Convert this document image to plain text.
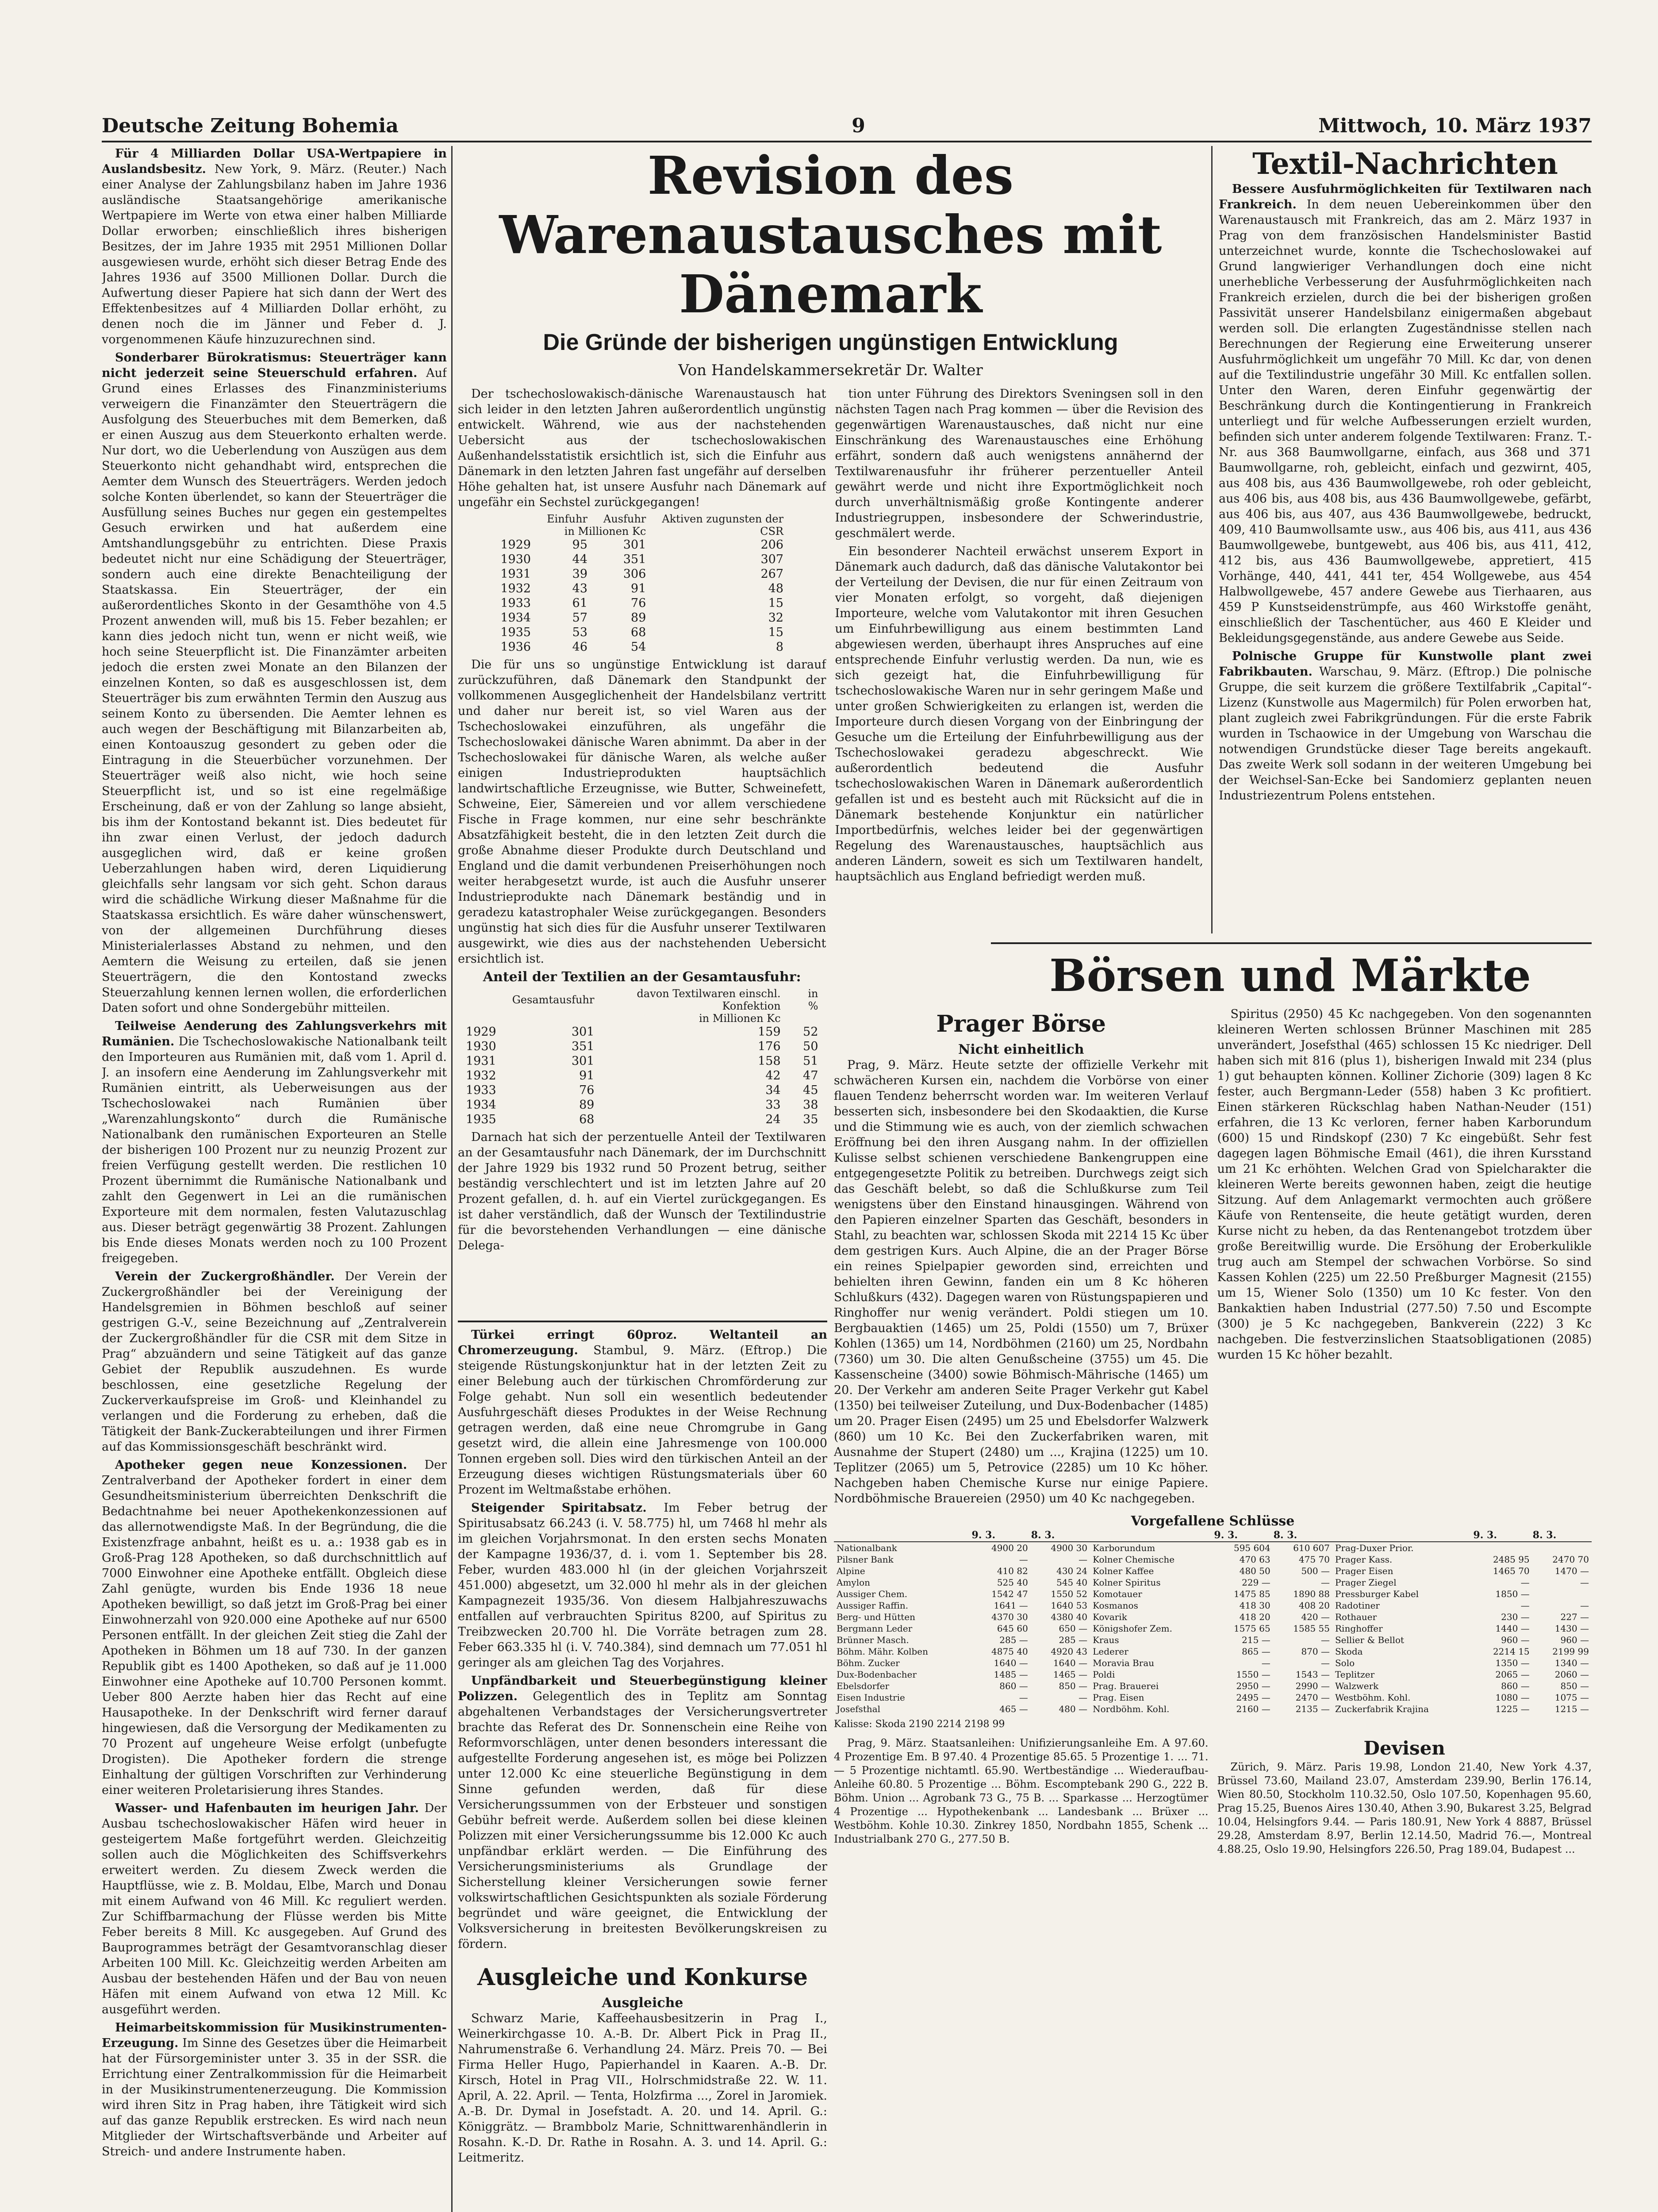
Deutsche Zeitung Bohemia	9	Mittwoch, 10. März 1937

Für 4 Milliarden Dollar USA-Wertpapiere in Auslandsbesitz. New York, 9. März. (Reuter.) Nach einer Analyse der Zahlungsbilanz haben im Jahre 1936 ausländische Staatsangehörige amerikanische Wertpapiere im Werte von etwa einer halben Milliarde Dollar erworben; einschließlich ihres bisherigen Besitzes, der im Jahre 1935 mit 2951 Millionen Dollar ausgewiesen wurde, erhöht sich dieser Betrag Ende des Jahres 1936 auf 3500 Millionen Dollar. Durch die Aufwertung dieser Papiere hat sich dann der Wert des Effektenbesitzes auf 4 Milliarden Dollar erhöht, zu denen noch die im Jänner und Feber d. J. vorgenommenen Käufe hinzuzurechnen sind.

Sonderbarer Bürokratismus: Steuerträger kann nicht jederzeit seine Steuerschuld erfahren. Auf Grund eines Erlasses des Finanzministeriums verweigern die Finanzämter den Steuerträgern die Ausfolgung des Steuerbuches mit dem Bemerken, daß er einen Auszug aus dem Steuerkonto erhalten werde. Nur dort, wo die Ueberlendung von Auszügen aus dem Steuerkonto nicht gehandhabt wird, entsprechen die Aemter dem Wunsch des Steuerträgers. Werden jedoch solche Konten überlendet, so kann der Steuerträger die Ausfüllung seines Buches nur gegen ein gestempeltes Gesuch erwirken und hat außerdem eine Amtshandlungsgebühr zu entrichten. Diese Praxis bedeutet nicht nur eine Schädigung der Steuerträger, sondern auch eine direkte Benachteiligung der Staatskassa. Ein Steuerträger, der ein außerordentliches Skonto in der Gesamthöhe von 4.5 Prozent anwenden will, muß bis 15. Feber bezahlen; er kann dies jedoch nicht tun, wenn er nicht weiß, wie hoch seine Steuerpflicht ist. Die Finanzämter arbeiten jedoch die ersten zwei Monate an den Bilanzen der einzelnen Konten, so daß es ausgeschlossen ist, dem Steuerträger bis zum erwähnten Termin den Auszug aus seinem Konto zu übersenden. Die Aemter lehnen es auch wegen der Beschäftigung mit Bilanzarbeiten ab, einen Kontoauszug gesondert zu geben oder die Eintragung in die Steuerbücher vorzunehmen. Der Steuerträger weiß also nicht, wie hoch seine Steuerpflicht ist, und so ist eine regelmäßige Erscheinung, daß er von der Zahlung so lange absieht, bis ihm der Kontostand bekannt ist. Dies bedeutet für ihn zwar einen Verlust, der jedoch dadurch ausgeglichen wird, daß er keine großen Ueberzahlungen haben wird, deren Liquidierung gleichfalls sehr langsam vor sich geht. Schon daraus wird die schädliche Wirkung dieser Maßnahme für die Staatskassa ersichtlich. Es wäre daher wünschenswert, von der allgemeinen Durchführung dieses Ministerialerlasses Abstand zu nehmen, und den Aemtern die Weisung zu erteilen, daß sie jenen Steuerträgern, die den Kontostand zwecks Steuerzahlung kennen lernen wollen, die erforderlichen Daten sofort und ohne Sondergebühr mitteilen.

Teilweise Aenderung des Zahlungsverkehrs mit Rumänien. Die Tschechoslowakische Nationalbank teilt den Importeuren aus Rumänien mit, daß vom 1. April d. J. an insofern eine Aenderung im Zahlungsverkehr mit Rumänien eintritt, als Ueberweisungen aus der Tschechoslowakei nach Rumänien über „Warenzahlungskonto“ durch die Rumänische Nationalbank den rumänischen Exporteuren an Stelle der bisherigen 100 Prozent nur zu neunzig Prozent zur freien Verfügung gestellt werden. Die restlichen 10 Prozent übernimmt die Rumänische Nationalbank und zahlt den Gegenwert in Lei an die rumänischen Exporteure mit dem normalen, festen Valutazuschlag aus. Dieser beträgt gegenwärtig 38 Prozent. Zahlungen bis Ende dieses Monats werden noch zu 100 Prozent freigegeben.

Verein der Zuckergroßhändler. Der Verein der Zuckergroßhändler bei der Vereinigung der Handelsgremien in Böhmen beschloß auf seiner gestrigen G.-V., seine Bezeichnung auf „Zentralverein der Zuckergroßhändler für die CSR mit dem Sitze in Prag“ abzuändern und seine Tätigkeit auf das ganze Gebiet der Republik auszudehnen. Es wurde beschlossen, eine gesetzliche Regelung der Zuckerverkaufspreise im Groß- und Kleinhandel zu verlangen und die Forderung zu erheben, daß die Tätigkeit der Bank-Zuckerabteilungen und ihrer Firmen auf das Kommissionsgeschäft beschränkt wird.

Apotheker gegen neue Konzessionen. Der Zentralverband der Apotheker fordert in einer dem Gesundheitsministerium überreichten Denkschrift die Bedachtnahme bei neuer Apothekenkonzessionen auf das allernotwendigste Maß. In der Begründung, die die Existenzfrage anbahnt, heißt es u. a.: 1938 gab es in Groß-Prag 128 Apotheken, so daß durchschnittlich auf 7000 Einwohner eine Apotheke entfällt. Obgleich diese Zahl genügte, wurden bis Ende 1936 18 neue Apotheken bewilligt, so daß jetzt im Groß-Prag bei einer Einwohnerzahl von 920.000 eine Apotheke auf nur 6500 Personen entfällt. In der gleichen Zeit stieg die Zahl der Apotheken in Böhmen um 18 auf 730. In der ganzen Republik gibt es 1400 Apotheken, so daß auf je 11.000 Einwohner eine Apotheke auf 10.700 Personen kommt. Ueber 800 Aerzte haben hier das Recht auf eine Hausapotheke. In der Denkschrift wird ferner darauf hingewiesen, daß die Versorgung der Medikamenten zu 70 Prozent auf ungeheure Weise erfolgt (unbefugte Drogisten). Die Apotheker fordern die strenge Einhaltung der gültigen Vorschriften zur Verhinderung einer weiteren Proletarisierung ihres Standes.

Wasser- und Hafenbauten im heurigen Jahr. Der Ausbau tschechoslowakischer Häfen wird heuer in gesteigertem Maße fortgeführt werden. Gleichzeitig sollen auch die Möglichkeiten des Schiffsverkehrs erweitert werden. Zu diesem Zweck werden die Hauptflüsse, wie z. B. Moldau, Elbe, March und Donau mit einem Aufwand von 46 Mill. Kc reguliert werden. Zur Schiffbarmachung der Flüsse werden bis Mitte Feber bereits 8 Mill. Kc ausgegeben. Auf Grund des Bauprogrammes beträgt der Gesamtvoranschlag dieser Arbeiten 100 Mill. Kc. Gleichzeitig werden Arbeiten am Ausbau der bestehenden Häfen und der Bau von neuen Häfen mit einem Aufwand von etwa 12 Mill. Kc ausgeführt werden.

Heimarbeitskommission für Musikinstrumenten-Erzeugung. Im Sinne des Gesetzes über die Heimarbeit hat der Fürsorgeminister unter 3. 35 in der SSR. die Errichtung einer Zentralkommission für die Heimarbeit in der Musikinstrumentenerzeugung. Die Kommission wird ihren Sitz in Prag haben, ihre Tätigkeit wird sich auf das ganze Republik erstrecken. Es wird nach neun Mitglieder der Wirtschaftsverbände und Arbeiter auf Streich- und andere Instrumente haben.

Revision des Warenaustausches mit Dänemark
Die Gründe der bisherigen ungünstigen Entwicklung
Von Handelskammersekretär Dr. Walter

Der tschechoslowakisch-dänische Warenaustausch hat sich leider in den letzten Jahren außerordentlich ungünstig entwickelt. Während, wie aus der nachstehenden Uebersicht aus der tschechoslowakischen Außenhandelsstatistik ersichtlich ist, sich die Einfuhr aus Dänemark in den letzten Jahren fast ungefähr auf derselben Höhe gehalten hat, ist unsere Ausfuhr nach Dänemark auf ungefähr ein Sechstel zurückgegangen!

	Einfuhr	Ausfuhr	Aktiven zugunsten der
	in Millionen Kc		CSR
1929	95	301	206
1930	44	351	307
1931	39	306	267
1932	43	91	48
1933	61	76	15
1934	57	89	32
1935	53	68	15
1936	46	54	8

Die für uns so ungünstige Entwicklung ist darauf zurückzuführen, daß Dänemark den Standpunkt der vollkommenen Ausgeglichenheit der Handelsbilanz vertritt und daher nur bereit ist, so viel Waren aus der Tschechoslowakei einzuführen, als ungefähr die Tschechoslowakei dänische Waren abnimmt. Da aber in der Tschechoslowakei für dänische Waren, als welche außer einigen Industrieprodukten hauptsächlich landwirtschaftliche Erzeugnisse, wie Butter, Schweinefett, Schweine, Eier, Sämereien und vor allem verschiedene Fische in Frage kommen, nur eine sehr beschränkte Absatzfähigkeit besteht, die in den letzten Zeit durch die große Abnahme dieser Produkte durch Deutschland und England und die damit verbundenen Preiserhöhungen noch weiter herabgesetzt wurde, ist auch die Ausfuhr unserer Industrieprodukte nach Dänemark beständig und in geradezu katastrophaler Weise zurückgegangen. Besonders ungünstig hat sich dies für die Ausfuhr unserer Textilwaren ausgewirkt, wie dies aus der nachstehenden Uebersicht ersichtlich ist.

Anteil der Textilien an der Gesamtausfuhr:
	Gesamtausfuhr	davon Textilwaren einschl. Konfektion	in %
	in Millionen Kc		
1929	301	159	52
1930	351	176	50
1931	301	158	51
1932	91	42	47
1933	76	34	45
1934	89	33	38
1935	68	24	35

Darnach hat sich der perzentuelle Anteil der Textilwaren an der Gesamtausfuhr nach Dänemark, der im Durchschnitt der Jahre 1929 bis 1932 rund 50 Prozent betrug, seither beständig verschlechtert und ist im letzten Jahre auf 20 Prozent gefallen, d. h. auf ein Viertel zurückgegangen. Es ist daher verständlich, daß der Wunsch der Textilindustrie für die bevorstehenden Verhandlungen — eine dänische Delega-

tion unter Führung des Direktors Sveningsen soll in den nächsten Tagen nach Prag kommen — über die Revision des gegenwärtigen Warenaustausches, daß nicht nur eine Einschränkung des Warenaustausches eine Erhöhung erfährt, sondern daß auch wenigstens annähernd der Textilwarenausfuhr ihr früherer perzentueller Anteil gewährt werde und nicht ihre Exportmöglichkeit noch durch unverhältnismäßig große Kontingente anderer Industriegruppen, insbesondere der Schwerindustrie, geschmälert werde.

Ein besonderer Nachteil erwächst unserem Export in Dänemark auch dadurch, daß das dänische Valutakontor bei der Verteilung der Devisen, die nur für einen Zeitraum von vier Monaten erfolgt, so vorgeht, daß diejenigen Importeure, welche vom Valutakontor mit ihren Gesuchen um Einfuhrbewilligung aus einem bestimmten Land abgewiesen werden, überhaupt ihres Anspruches auf eine entsprechende Einfuhr verlustig werden. Da nun, wie es sich gezeigt hat, die Einfuhrbewilligung für tschechoslowakische Waren nur in sehr geringem Maße und unter großen Schwierigkeiten zu erlangen ist, werden die Importeure durch diesen Vorgang von der Einbringung der Gesuche um die Erteilung der Einfuhrbewilligung aus der Tschechoslowakei geradezu abgeschreckt. Wie außerordentlich bedeutend die Ausfuhr tschechoslowakischen Waren in Dänemark außerordentlich gefallen ist und es besteht auch mit Rücksicht auf die in Dänemark bestehende Konjunktur ein natürlicher Importbedürfnis, welches leider bei der gegenwärtigen Regelung des Warenaustausches, hauptsächlich aus anderen Ländern, soweit es sich um Textilwaren handelt, hauptsächlich aus England befriedigt werden muß.

Türkei erringt 60proz. Weltanteil an Chromerzeugung. Stambul, 9. März. (Eftrop.) Die steigende Rüstungskonjunktur hat in der letzten Zeit zu einer Belebung auch der türkischen Chromförderung zur Folge gehabt. Nun soll ein wesentlich bedeutender Ausfuhrgeschäft dieses Produktes in der Weise Rechnung getragen werden, daß eine neue Chromgrube in Gang gesetzt wird, die allein eine Jahresmenge von 100.000 Tonnen ergeben soll. Dies wird den türkischen Anteil an der Erzeugung dieses wichtigen Rüstungsmaterials über 60 Prozent im Weltmaßstabe erhöhen.

Steigender Spiritabsatz. Im Feber betrug der Spiritusabsatz 66.243 (i. V. 58.775) hl, um 7468 hl mehr als im gleichen Vorjahrsmonat. In den ersten sechs Monaten der Kampagne 1936/37, d. i. vom 1. September bis 28. Feber, wurden 483.000 hl (in der gleichen Vorjahrszeit 451.000) abgesetzt, um 32.000 hl mehr als in der gleichen Kampagnezeit 1935/36. Von diesem Halbjahreszuwachs entfallen auf verbrauchten Spiritus 8200, auf Spiritus zu Treibzwecken 20.700 hl. Die Vorräte betragen zum 28. Feber 663.335 hl (i. V. 740.384), sind demnach um 77.051 hl geringer als am gleichen Tag des Vorjahres.

Unpfändbarkeit und Steuerbegünstigung kleiner Polizzen. Gelegentlich des in Teplitz am Sonntag abgehaltenen Verbandstages der Versicherungsvertreter brachte das Referat des Dr. Sonnenschein eine Reihe von Reformvorschlägen, unter denen besonders interessant die aufgestellte Forderung angesehen ist, es möge bei Polizzen unter 12.000 Kc eine steuerliche Begünstigung in dem Sinne gefunden werden, daß für diese Versicherungssummen von der Erbsteuer und sonstigen Gebühr befreit werde. Außerdem sollen bei diese kleinen Polizzen mit einer Versicherungssumme bis 12.000 Kc auch unpfändbar erklärt werden. — Die Einführung des Versicherungsministeriums als Grundlage der Sicherstellung kleiner Versicherungen sowie ferner volkswirtschaftlichen Gesichtspunkten als soziale Förderung begründet und wäre geeignet, die Entwicklung der Volksversicherung in breitesten Bevölkerungskreisen zu fördern.

Ausgleiche und Konkurse
Ausgleiche

Schwarz Marie, Kaffeehausbesitzerin in Prag I., Weinerkirchgasse 10. A.-B. Dr. Albert Pick in Prag II., Nahrumenstraße 6. Verhandlung 24. März. Preis 70. — Bei Firma Heller Hugo, Papierhandel in Kaaren. A.-B. Dr. Kirsch, Hotel in Prag VII., Holrschmidstraße 22. W. 11. April, A. 22. April. — Tenta, Holzfirma ..., Zorel in Jaromiek. A.-B. Dr. Dymal in Josefstadt. A. 20. und 14. April. G.: Königgrätz. — Brambbolz Marie, Schnittwarenhändlerin in Rosahn. K.-D. Dr. Rathe in Rosahn. A. 3. und 14. April. G.: Leitmeritz.

Textil-Nachrichten

Bessere Ausfuhrmöglichkeiten für Textilwaren nach Frankreich. In dem neuen Uebereinkommen über den Warenaustausch mit Frankreich, das am 2. März 1937 in Prag von dem französischen Handelsminister Bastid unterzeichnet wurde, konnte die Tschechoslowakei auf Grund langwieriger Verhandlungen doch eine nicht unerhebliche Verbesserung der Ausfuhrmöglichkeiten nach Frankreich erzielen, durch die bei der bisherigen großen Passivität unserer Handelsbilanz einigermaßen abgebaut werden soll. Die erlangten Zugeständnisse stellen nach Berechnungen der Regierung eine Erweiterung unserer Ausfuhrmöglichkeit um ungefähr 70 Mill. Kc dar, von denen auf die Textilindustrie ungefähr 30 Mill. Kc entfallen sollen. Unter den Waren, deren Einfuhr gegenwärtig der Beschränkung durch die Kontingentierung in Frankreich unterliegt und für welche Aufbesserungen erzielt wurden, befinden sich unter anderem folgende Textilwaren: Franz. T.-Nr. aus 368 Baumwollgarne, einfach, aus 368 und 371 Baumwollgarne, roh, gebleicht, einfach und gezwirnt, 405, aus 408 bis, aus 436 Baumwollgewebe, roh oder gebleicht, aus 406 bis, aus 408 bis, aus 436 Baumwollgewebe, gefärbt, aus 406 bis, aus 407, aus 436 Baumwollgewebe, bedruckt, 409, 410 Baumwollsamte usw., aus 406 bis, aus 411, aus 436 Baumwollgewebe, buntgewebt, aus 406 bis, aus 411, 412, 412 bis, aus 436 Baumwollgewebe, appretiert, 415 Vorhänge, 440, 441, 441 ter, 454 Wollgewebe, aus 454 Halbwollgewebe, 457 andere Gewebe aus Tierhaaren, aus 459 P Kunstseidenstrümpfe, aus 460 Wirkstoffe genäht, einschließlich der Taschentücher, aus 460 E Kleider und Bekleidungsgegenstände, aus andere Gewebe aus Seide.

Polnische Gruppe für Kunstwolle plant zwei Fabrikbauten. Warschau, 9. März. (Eftrop.) Die polnische Gruppe, die seit kurzem die größere Textilfabrik „Capital“-Lizenz (Kunstwolle aus Magermilch) für Polen erworben hat, plant zugleich zwei Fabrikgründungen. Für die erste Fabrik wurden in Tschaowice in der Umgebung von Warschau die notwendigen Grundstücke dieser Tage bereits angekauft. Das zweite Werk soll sodann in der weiteren Umgebung bei der Weichsel-San-Ecke bei Sandomierz geplanten neuen Industriezentrum Polens entstehen.

Börsen und Märkte
Prager Börse
Nicht einheitlich

Prag, 9. März. Heute setzte der offizielle Verkehr mit schwächeren Kursen ein, nachdem die Vorbörse von einer flauen Tendenz beherrscht worden war. Im weiteren Verlauf besserten sich, insbesondere bei den Skodaaktien, die Kurse und die Stimmung wie es auch, von der ziemlich schwachen Eröffnung bei den ihren Ausgang nahm. In der offiziellen Kulisse selbst schienen verschiedene Bankengruppen eine entgegengesetzte Politik zu betreiben. Durchwegs zeigt sich das Geschäft belebt, so daß die Schlußkurse zum Teil wenigstens über den Einstand hinausgingen. Während von den Papieren einzelner Sparten das Geschäft, besonders in Stahl, zu beachten war, schlossen Skoda mit 2214 15 Kc über dem gestrigen Kurs. Auch Alpine, die an der Prager Börse ein reines Spielpapier geworden sind, erreichten und behielten ihren Gewinn, fanden ein um 8 Kc höheren Schlußkurs (432). Dagegen waren von Rüstungspapieren und Ringhoffer nur wenig verändert. Poldi stiegen um 10. Bergbauaktien (1465) um 25, Poldi (1550) um 7, Brüxer Kohlen (1365) um 14, Nordböhmen (2160) um 25, Nordbahn (7360) um 30. Die alten Genußscheine (3755) um 45. Die Kassenscheine (3400) sowie Böhmisch-Mährische (1465) um 20. Der Verkehr am anderen Seite Prager Verkehr gut Kabel (1350) bei teilweiser Zuteilung, und Dux-Bodenbacher (1485) um 20. Prager Eisen (2495) um 25 und Ebelsdorfer Walzwerk (860) um 10 Kc. Bei den Zuckerfabriken waren, mit Ausnahme der Stupert (2480) um ..., Krajina (1225) um 10. Teplitzer (2065) um 5, Petrovice (2285) um 10 Kc höher. Nachgeben haben Chemische Kurse nur einige Papiere. Nordböhmische Brauereien (2950) um 40 Kc nachgegeben.

Spiritus (2950) 45 Kc nachgegeben. Von den sogenannten kleineren Werten schlossen Brünner Maschinen mit 285 unverändert, Josefsthal (465) schlossen 15 Kc niedriger. Dell haben sich mit 816 (plus 1), bisherigen Inwald mit 234 (plus 1) gut behaupten können. Kolliner Zichorie (309) lagen 8 Kc fester, auch Bergmann-Leder (558) haben 3 Kc profitiert. Einen stärkeren Rückschlag haben Nathan-Neuder (151) erfahren, die 13 Kc verloren, ferner haben Karborundum (600) 15 und Rindskopf (230) 7 Kc eingebüßt. Sehr fest dagegen lagen Böhmische Email (461), die ihren Kursstand um 21 Kc erhöhten. Welchen Grad von Spielcharakter die kleineren Werte bereits gewonnen haben, zeigt die heutige Sitzung. Auf dem Anlagemarkt vermochten auch größere Käufe von Rentenseite, die heute getätigt wurden, deren Kurse nicht zu heben, da das Rentenangebot trotzdem über große Bereitwillig wurde. Die Ersöhung der Eroberkulikle trug auch am Stempel der schwachen Vorbörse. So sind Kassen Kohlen (225) um 22.50 Preßburger Magnesit (2155) um 15, Wiener Solo (1350) um 10 Kc fester. Von den Bankaktien haben Industrial (277.50) 7.50 und Escompte (300) je 5 Kc nachgegeben, Bankverein (222) 3 Kc nachgeben. Die festverzinslichen Staatsobligationen (2085) wurden 15 Kc höher bezahlt.

Vorgefallene Schlüsse
	9. 3.	8. 3.		9. 3.	8. 3.		9. 3.	8. 3.
Nationalbank	4900 20	4900 30	Karborundum	595 604	610 607	Prag-Duxer Prior.		
Pilsner Bank	—	—	Kolner Chemische	470 63	475 70	Prager Kass.	2485 95	2470 70
Alpine	410 82	430 24	Kolner Kaffee	480 50	500 —	Prager Eisen	1465 70	1470 —
Amylon	525 40	545 40	Kolner Spiritus	229 —	—	Prager Ziegel	—	—
Aussiger Chem.	1542 47	1550 52	Komotauer	1475 85	1890 88	Pressburger Kabel	1850 —	
Aussiger Raffin.	1641 —	1640 53	Kosmanos	418 30	408 20	Radotiner	—	—
Berg- und Hütten	4370 30	4380 40	Kovarik	418 20	420 —	Rothauer	230 —	227 —
Bergmann Leder	645 60	650 —	Königshofer Zem.	1575 65	1585 55	Ringhoffer	1440 —	1430 —
Brünner Masch.	285 —	285 —	Kraus	215 —	—	Sellier & Bellot	960 —	960 —
Böhm. Mähr. Kolben	4875 40	4920 43	Lederer	865 —	870 —	Skoda	2214 15	2199 99
Böhm. Zucker	1640 —	1640 —	Moravia Brau	—	—	Solo	1350 —	1340 —
Dux-Bodenbacher	1485 —	1465 —	Poldi	1550 —	1543 —	Teplitzer	2065 —	2060 —
Ebelsdorfer	860 —	850 —	Prag. Brauerei	2950 —	2990 —	Walzwerk	860 —	850 —
Eisen Industrie	—	—	Prag. Eisen	2495 —	2470 —	Westböhm. Kohl.	1080 —	1075 —
Josefsthal	465 —	480 —	Nordböhm. Kohl.	2160 —	2135 —	Zuckerfabrik Krajina	1225 —	1215 —
Kalisse: Skoda 2190 2214 2198 99

Prag, 9. März. Staatsanleihen: Unifizierungsanleihe Em. A 97.60. 4 Prozentige Em. B 97.40. 4 Prozentige 85.65. 5 Prozentige 1. ... 71.— 5 Prozentige nichtamtl. 65.90. Wertbeständige ... Wiederaufbau-Anleihe 60.80. 5 Prozentige ... Böhm. Escomptebank 290 G., 222 B. Böhm. Union ... Agrobank 73 G., 75 B. ... Sparkasse ... Herzogtümer 4 Prozentige ... Hypothekenbank ... Landesbank ... Brüxer ... Westböhm. Kohle 10.30. Zinkrey 1850, Nordbahn 1855, Schenk ... Industrialbank 270 G., 277.50 B.

Devisen

Zürich, 9. März. Paris 19.98, London 21.40, New York 4.37, Brüssel 73.60, Mailand 23.07, Amsterdam 239.90, Berlin 176.14, Wien 80.50, Stockholm 110.32.50, Oslo 107.50, Kopenhagen 95.60, Prag 15.25, Buenos Aires 130.40, Athen 3.90, Bukarest 3.25, Belgrad 10.04, Helsingfors 9.44. — Paris 180.91, New York 4 8887, Brüssel 29.28, Amsterdam 8.97, Berlin 12.14.50, Madrid 76.—, Montreal 4.88.25, Oslo 19.90, Helsingfors 226.50, Prag 189.04, Budapest ...
